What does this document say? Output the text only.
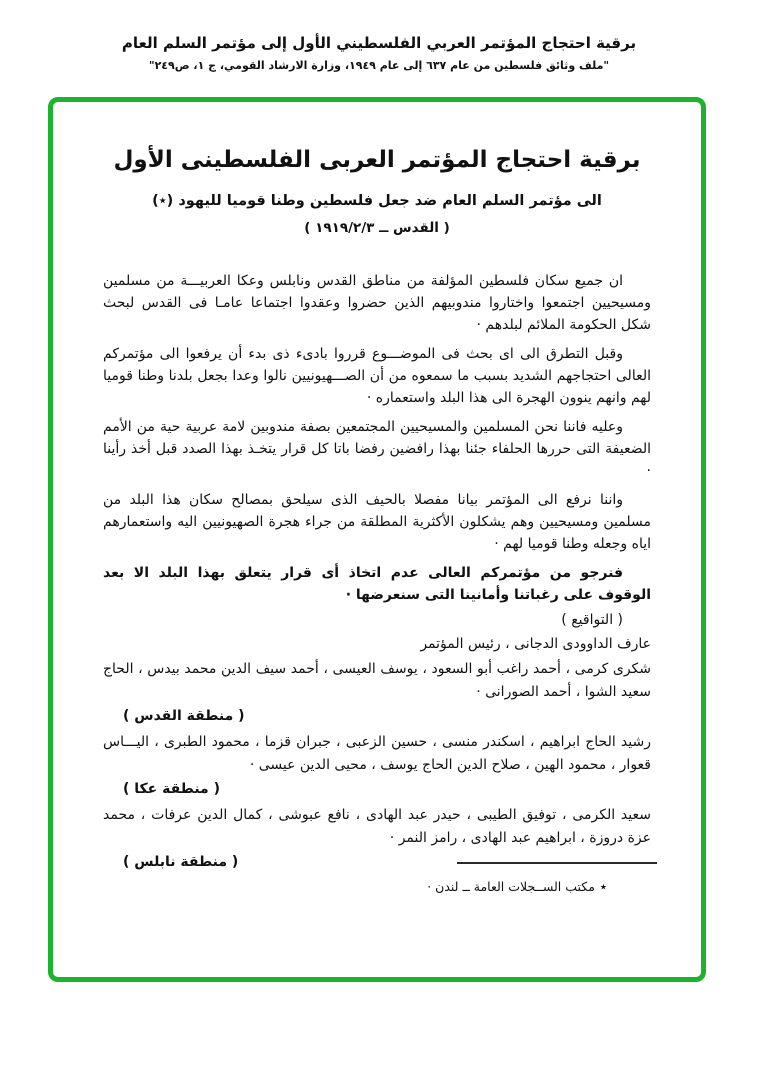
برقية احتجاج المؤتمر العربي الفلسطيني الأول إلى مؤتمر السلم العام
"ملف وثائق فلسطين من عام ٦٣٧ إلى عام ١٩٤٩، وزارة الارشاد القومي، ج ١، ص٢٤٩"
برقية احتجاج المؤتمر العربى الفلسطينى الأول
الى مؤتمر السلم العام ضد جعل فلسطين وطنا قوميا لليهود (٭)
( القدس ــ ١٩١٩/٢/٣ )

ان جميع سكان فلسطين المؤلفة من مناطق القدس ونابلس وعكا العربيـــة من مسلمين ومسيحيين اجتمعوا واختاروا مندوبيهم الذين حضروا وعقدوا اجتماعا عامـا فى القدس لبحث شكل الحكومة الملائم لبلدهم ·

وقبل التطرق الى اى بحث فى الموضـــوع قرروا بادىء ذى بدء أن يرفعوا الى مؤتمركم العالى احتجاجهم الشديد بسبب ما سمعوه من أن الصـــهيونيين نالوا وعدا بجعل بلدنا وطنا قوميا لهم وانهم ينوون الهجرة الى هذا البلد واستعماره ·

وعليه فاننا نحن المسلمين والمسيحيين المجتمعين بصفة مندوبين لامة عربية حية من الأمم الضعيفة التى حررها الحلفاء جئنا بهذا رافضين رفضا باتا كل قرار يتخـذ بهذا الصدد قبل أخذ رأينا ·

واننا نرفع الى المؤتمر بيانا مفصلا بالحيف الذى سيلحق بمصالح سكان هذا البلد من مسلمين ومسيحيين وهم يشكلون الأكثرية المطلقة من جراء هجرة الصهيونيين اليه واستعمارهم اياه وجعله وطنا قوميا لهم ·

فنرجو من مؤتمركم العالى عدم اتخاذ أى قرار يتعلق بهذا البلد الا بعد الوقوف على رغباتنا وأمانينا التى سنعرضها ·

( التواقيع )

عارف الداوودى الدجانى ، رئيس المؤتمر

شكرى كرمى ، أحمد راغب أبو السعود ، يوسف العيسى ، أحمد سيف الدين محمد بيدس ، الحاج سعيد الشوا ، أحمد الصورانى ·

( منطقة القدس )

رشيد الحاج ابراهيم ، اسكندر منسى ، حسين الزعبى ، جبران قزما ، محمود الطبرى ، اليـــاس قعوار ، محمود الهين ، صلاح الدين الحاج يوسف ، محيى الدين عيسى ·

( منطقة عكا )

سعيد الكرمى ، توفيق الطيبى ، حيدر عبد الهادى ، نافع عبوشى ، كمال الدين عرفات ، محمد عزة دروزة ، ابراهيم عبد الهادى ، رامز النمر ·

( منطقة نابلس )
٭مكتب الســجلات العامة ــ لندن ·
